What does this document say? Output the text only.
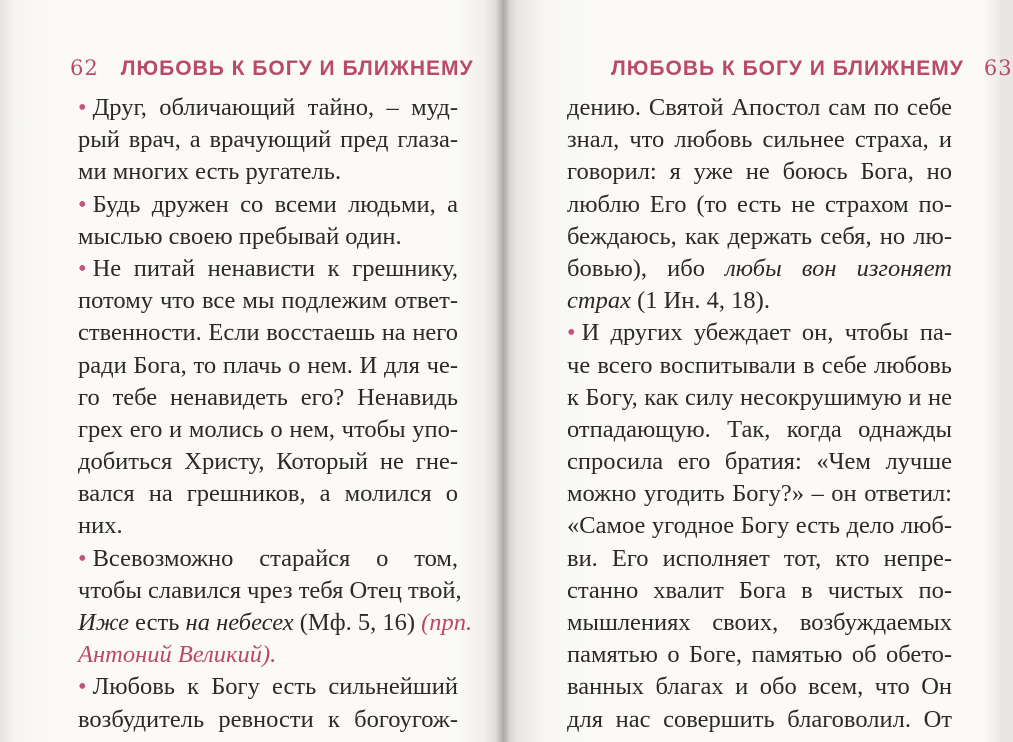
62 ЛЮБОВЬ К БОГУ И БЛИЖНЕМУ
• Друг, обличающий тайно, – муд-
рый врач, а врачующий пред глаза-
ми многих есть ругатель.
• Будь дружен со всеми людьми, а
мыслью своею пребывай один.
• Не питай ненависти к грешнику,
потому что все мы подлежим ответ-
ственности. Если восстаешь на него
ради Бога, то плачь о нем. И для че-
го тебе ненавидеть его? Ненавидь
грех его и молись о нем, чтобы упо-
добиться Христу, Который не гне-
вался на грешников, а молился о
них.
• Всевозможно старайся о том,
чтобы славился чрез тебя Отец твой,
Иже есть на небесех (Мф. 5, 16) (прп.
Антоний Великий).
• Любовь к Богу есть сильнейший
возбудитель ревности к богоугож-
ЛЮБОВЬ К БОГУ И БЛИЖНЕМУ 63
дению. Святой Апостол сам по себе
знал, что любовь сильнее страха, и
говорил: я уже не боюсь Бога, но
люблю Его (то есть не страхом по-
беждаюсь, как держать себя, но лю-
бовью), ибо любы вон изгоняет
страх (1 Ин. 4, 18).
• И других убеждает он, чтобы па-
че всего воспитывали в себе любовь
к Богу, как силу несокрушимую и не
отпадающую. Так, когда однажды
спросила его братия: «Чем лучше
можно угодить Богу?» – он ответил:
«Самое угодное Богу есть дело люб-
ви. Его исполняет тот, кто непре-
станно хвалит Бога в чистых по-
мышлениях своих, возбуждаемых
памятью о Боге, памятью об обето-
ванных благах и обо всем, что Он
для нас совершить благоволил. От
